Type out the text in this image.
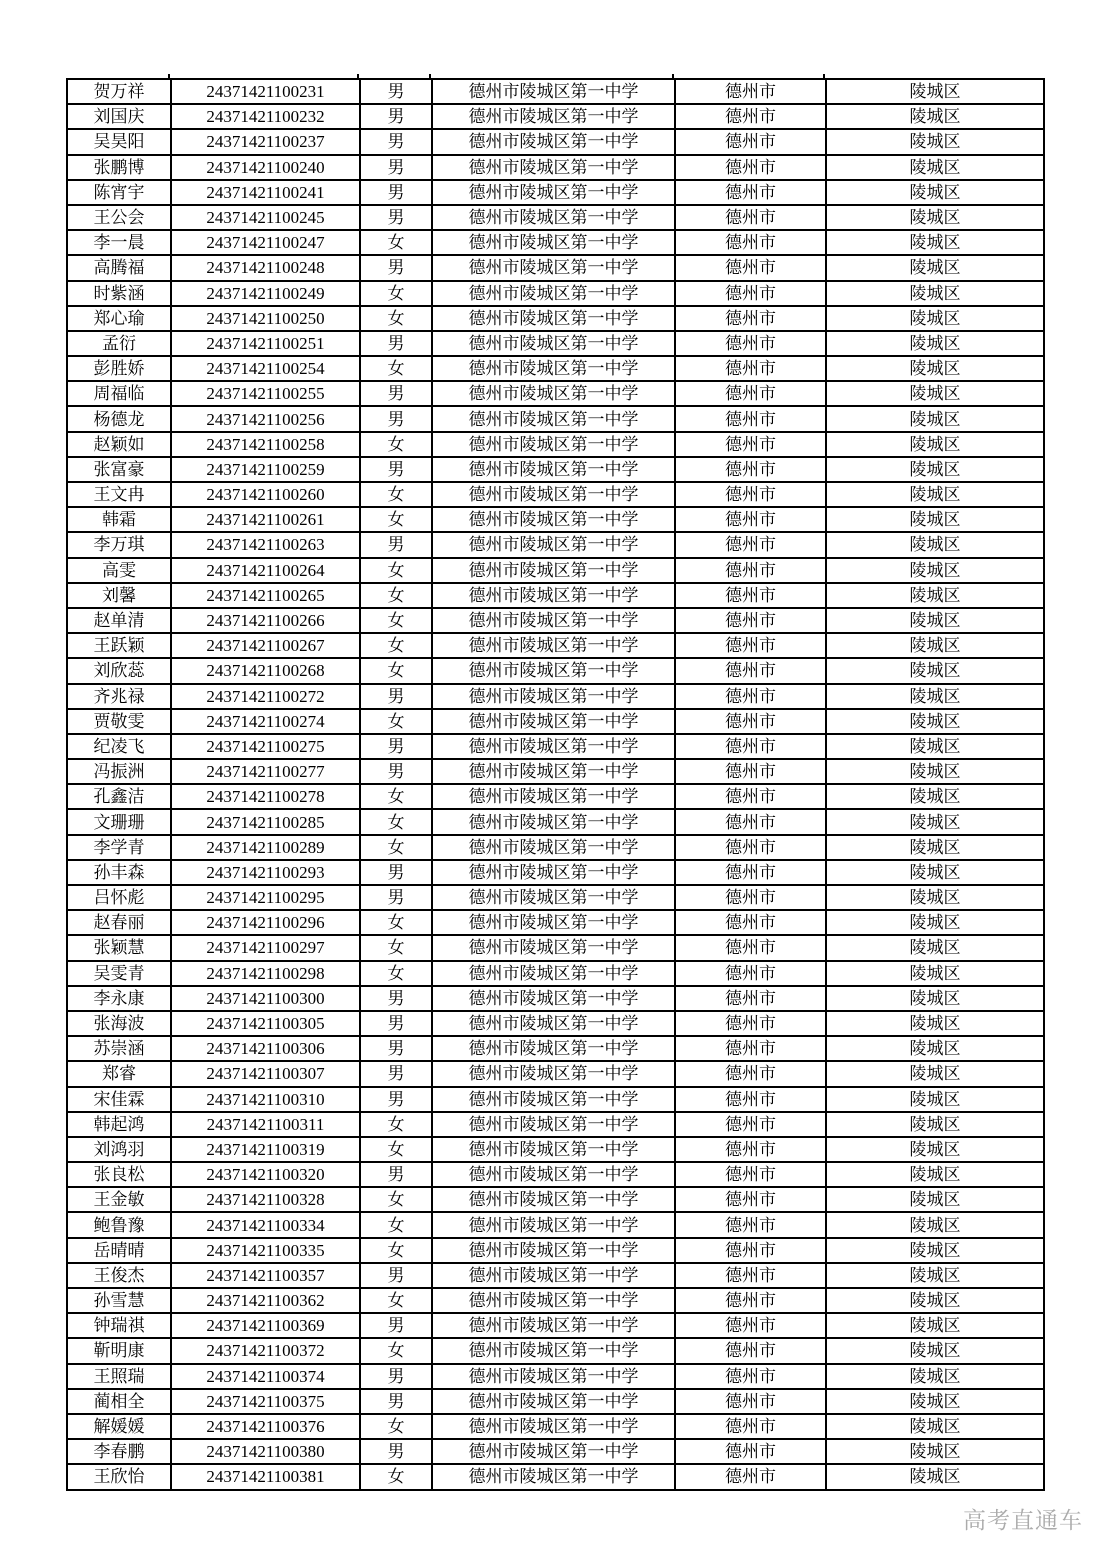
贺万祥	24371421100231	男	德州市陵城区第一中学	德州市	陵城区
刘国庆	24371421100232	男	德州市陵城区第一中学	德州市	陵城区
吴昊阳	24371421100237	男	德州市陵城区第一中学	德州市	陵城区
张鹏博	24371421100240	男	德州市陵城区第一中学	德州市	陵城区
陈宵宇	24371421100241	男	德州市陵城区第一中学	德州市	陵城区
王公会	24371421100245	男	德州市陵城区第一中学	德州市	陵城区
李一晨	24371421100247	女	德州市陵城区第一中学	德州市	陵城区
高腾福	24371421100248	男	德州市陵城区第一中学	德州市	陵城区
时紫涵	24371421100249	女	德州市陵城区第一中学	德州市	陵城区
郑心瑜	24371421100250	女	德州市陵城区第一中学	德州市	陵城区
孟衍	24371421100251	男	德州市陵城区第一中学	德州市	陵城区
彭胜娇	24371421100254	女	德州市陵城区第一中学	德州市	陵城区
周福临	24371421100255	男	德州市陵城区第一中学	德州市	陵城区
杨德龙	24371421100256	男	德州市陵城区第一中学	德州市	陵城区
赵颖如	24371421100258	女	德州市陵城区第一中学	德州市	陵城区
张富豪	24371421100259	男	德州市陵城区第一中学	德州市	陵城区
王文冉	24371421100260	女	德州市陵城区第一中学	德州市	陵城区
韩霜	24371421100261	女	德州市陵城区第一中学	德州市	陵城区
李万琪	24371421100263	男	德州市陵城区第一中学	德州市	陵城区
高雯	24371421100264	女	德州市陵城区第一中学	德州市	陵城区
刘馨	24371421100265	女	德州市陵城区第一中学	德州市	陵城区
赵单清	24371421100266	女	德州市陵城区第一中学	德州市	陵城区
王跃颖	24371421100267	女	德州市陵城区第一中学	德州市	陵城区
刘欣蕊	24371421100268	女	德州市陵城区第一中学	德州市	陵城区
齐兆禄	24371421100272	男	德州市陵城区第一中学	德州市	陵城区
贾敬雯	24371421100274	女	德州市陵城区第一中学	德州市	陵城区
纪凌飞	24371421100275	男	德州市陵城区第一中学	德州市	陵城区
冯振洲	24371421100277	男	德州市陵城区第一中学	德州市	陵城区
孔鑫洁	24371421100278	女	德州市陵城区第一中学	德州市	陵城区
文珊珊	24371421100285	女	德州市陵城区第一中学	德州市	陵城区
李学青	24371421100289	女	德州市陵城区第一中学	德州市	陵城区
孙丰森	24371421100293	男	德州市陵城区第一中学	德州市	陵城区
吕怀彪	24371421100295	男	德州市陵城区第一中学	德州市	陵城区
赵春丽	24371421100296	女	德州市陵城区第一中学	德州市	陵城区
张颖慧	24371421100297	女	德州市陵城区第一中学	德州市	陵城区
吴雯青	24371421100298	女	德州市陵城区第一中学	德州市	陵城区
李永康	24371421100300	男	德州市陵城区第一中学	德州市	陵城区
张海波	24371421100305	男	德州市陵城区第一中学	德州市	陵城区
苏崇涵	24371421100306	男	德州市陵城区第一中学	德州市	陵城区
郑睿	24371421100307	男	德州市陵城区第一中学	德州市	陵城区
宋佳霖	24371421100310	男	德州市陵城区第一中学	德州市	陵城区
韩起鸿	24371421100311	女	德州市陵城区第一中学	德州市	陵城区
刘鸿羽	24371421100319	女	德州市陵城区第一中学	德州市	陵城区
张良松	24371421100320	男	德州市陵城区第一中学	德州市	陵城区
王金敏	24371421100328	女	德州市陵城区第一中学	德州市	陵城区
鲍鲁豫	24371421100334	女	德州市陵城区第一中学	德州市	陵城区
岳晴晴	24371421100335	女	德州市陵城区第一中学	德州市	陵城区
王俊杰	24371421100357	男	德州市陵城区第一中学	德州市	陵城区
孙雪慧	24371421100362	女	德州市陵城区第一中学	德州市	陵城区
钟瑞祺	24371421100369	男	德州市陵城区第一中学	德州市	陵城区
靳明康	24371421100372	女	德州市陵城区第一中学	德州市	陵城区
王照瑞	24371421100374	男	德州市陵城区第一中学	德州市	陵城区
蔺相全	24371421100375	男	德州市陵城区第一中学	德州市	陵城区
解媛媛	24371421100376	女	德州市陵城区第一中学	德州市	陵城区
李春鹏	24371421100380	男	德州市陵城区第一中学	德州市	陵城区
王欣怡	24371421100381	女	德州市陵城区第一中学	德州市	陵城区
高考直通车
